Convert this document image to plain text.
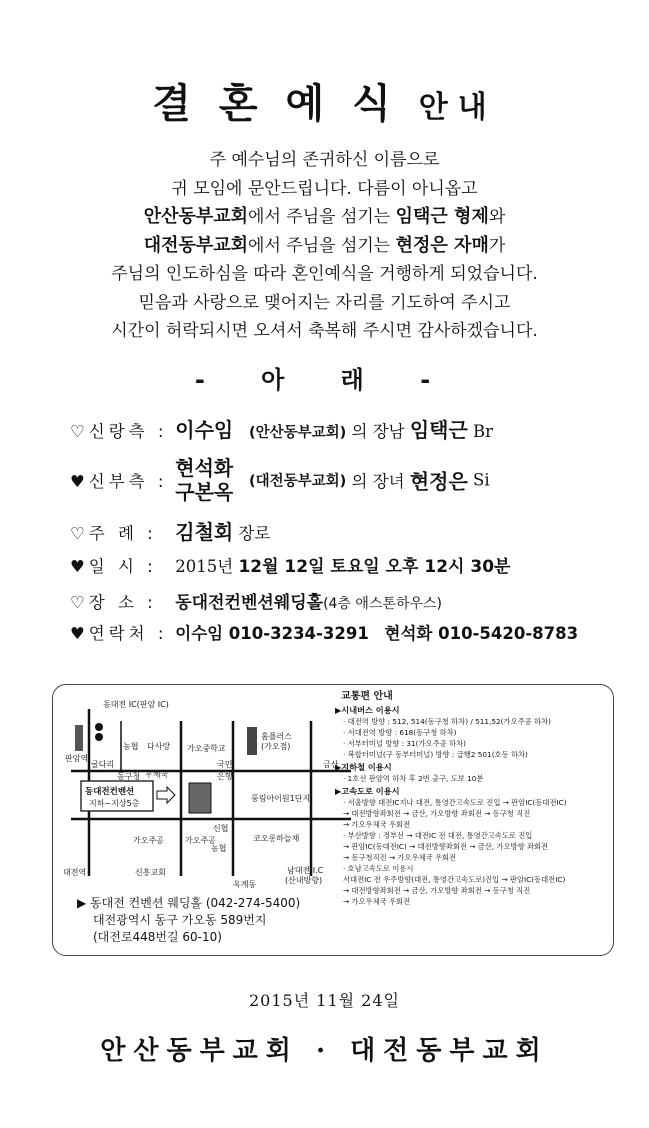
결혼예식안내
주 예수님의 존귀하신 이름으로
귀 모임에 문안드립니다. 다름이 아니옵고
안산동부교회에서 주님을 섬기는 임택근 형제와
대전동부교회에서 주님을 섬기는 현정은 자매가
주님의 인도하심을 따라 혼인예식을 거행하게 되었습니다.
믿음과 사랑으로 맺어지는 자리를 기도하여 주시고
시간이 허락되시면 오셔서 축복해 주시면 감사하겠습니다.
- 아 래 -
♡신랑측 : 이수임 (안산동부교회) 의 장남 임택근 Br
♥신부측 :
현석화
구본옥 (대전동부교회) 의 장녀 현정은 Si
♡주 례 : 김철회 장로
♥일 시 : 2015년 12월 12일 토요일 오후 12시 30분
♡장 소 : 동대전컨벤션웨딩홀(4층 애스톤하우스)
♥연락처 : 이수임 010-3234-3291 현석화 010-5420-8783
동대전 IC(판암 IC)
판암역
농협 다사랑 가오중학교
홈플러스
(가오점)
굴다리
동구청 우체국
국민
은행
금산
동대전컨벤션
지하~지상5층
풍림아이원1단지
신협
가오주공	가오주공
농협
코오롱하늘채
대전역	신흥교회
옥계동
남대전 I.C
(산내방향)
교통편 안내
▶시내버스 이용시
· 대전역 방향 : 512, 514(동구청 하차) / 511,52(가오주공 하차)
· 서대전역 방향 : 618(동구청 하차)
· 서부터미널 방향 : 31(가오주공 하차)
· 복합터미널(구 동부터미널) 방향 : 급행2 501(호동 하차)
▶지하철 이용시
· 1호선 판암역 하차 후 2번 출구, 도보 10분
▶고속도로 이용시
· 서울방향 대전IC지나 대전, 통영간고속도로 진입 → 판암IC(동대전IC)
→ 대전방향좌회전 → 금산, 가오방향 좌회전 → 동구청 직진
→ 가오우체국 우회전
· 부산방향 : 경부선 → 대전IC 전 대전, 통영간고속도로 진입
→ 판암IC(동대전IC) → 대전방향좌회전 → 금산, 가오방향 좌회전
→ 동구청직진 → 가오우체국 우회전
· 호남고속도로 이용시
서대전IC 전 우주방향(대전, 통영간고속도로)진입 → 판암IC(동대전IC)
→ 대전방향좌회전 → 금산, 가오방향 좌회전 → 동구청 직진
→ 가오우체국 우회전
▶ 동대전 컨벤션 웨딩홀 (042-274-5400)
대전광역시 동구 가오동 589번지
(대전로448번길 60-10)
2015년 11월 24일
안산동부교회 · 대전동부교회
